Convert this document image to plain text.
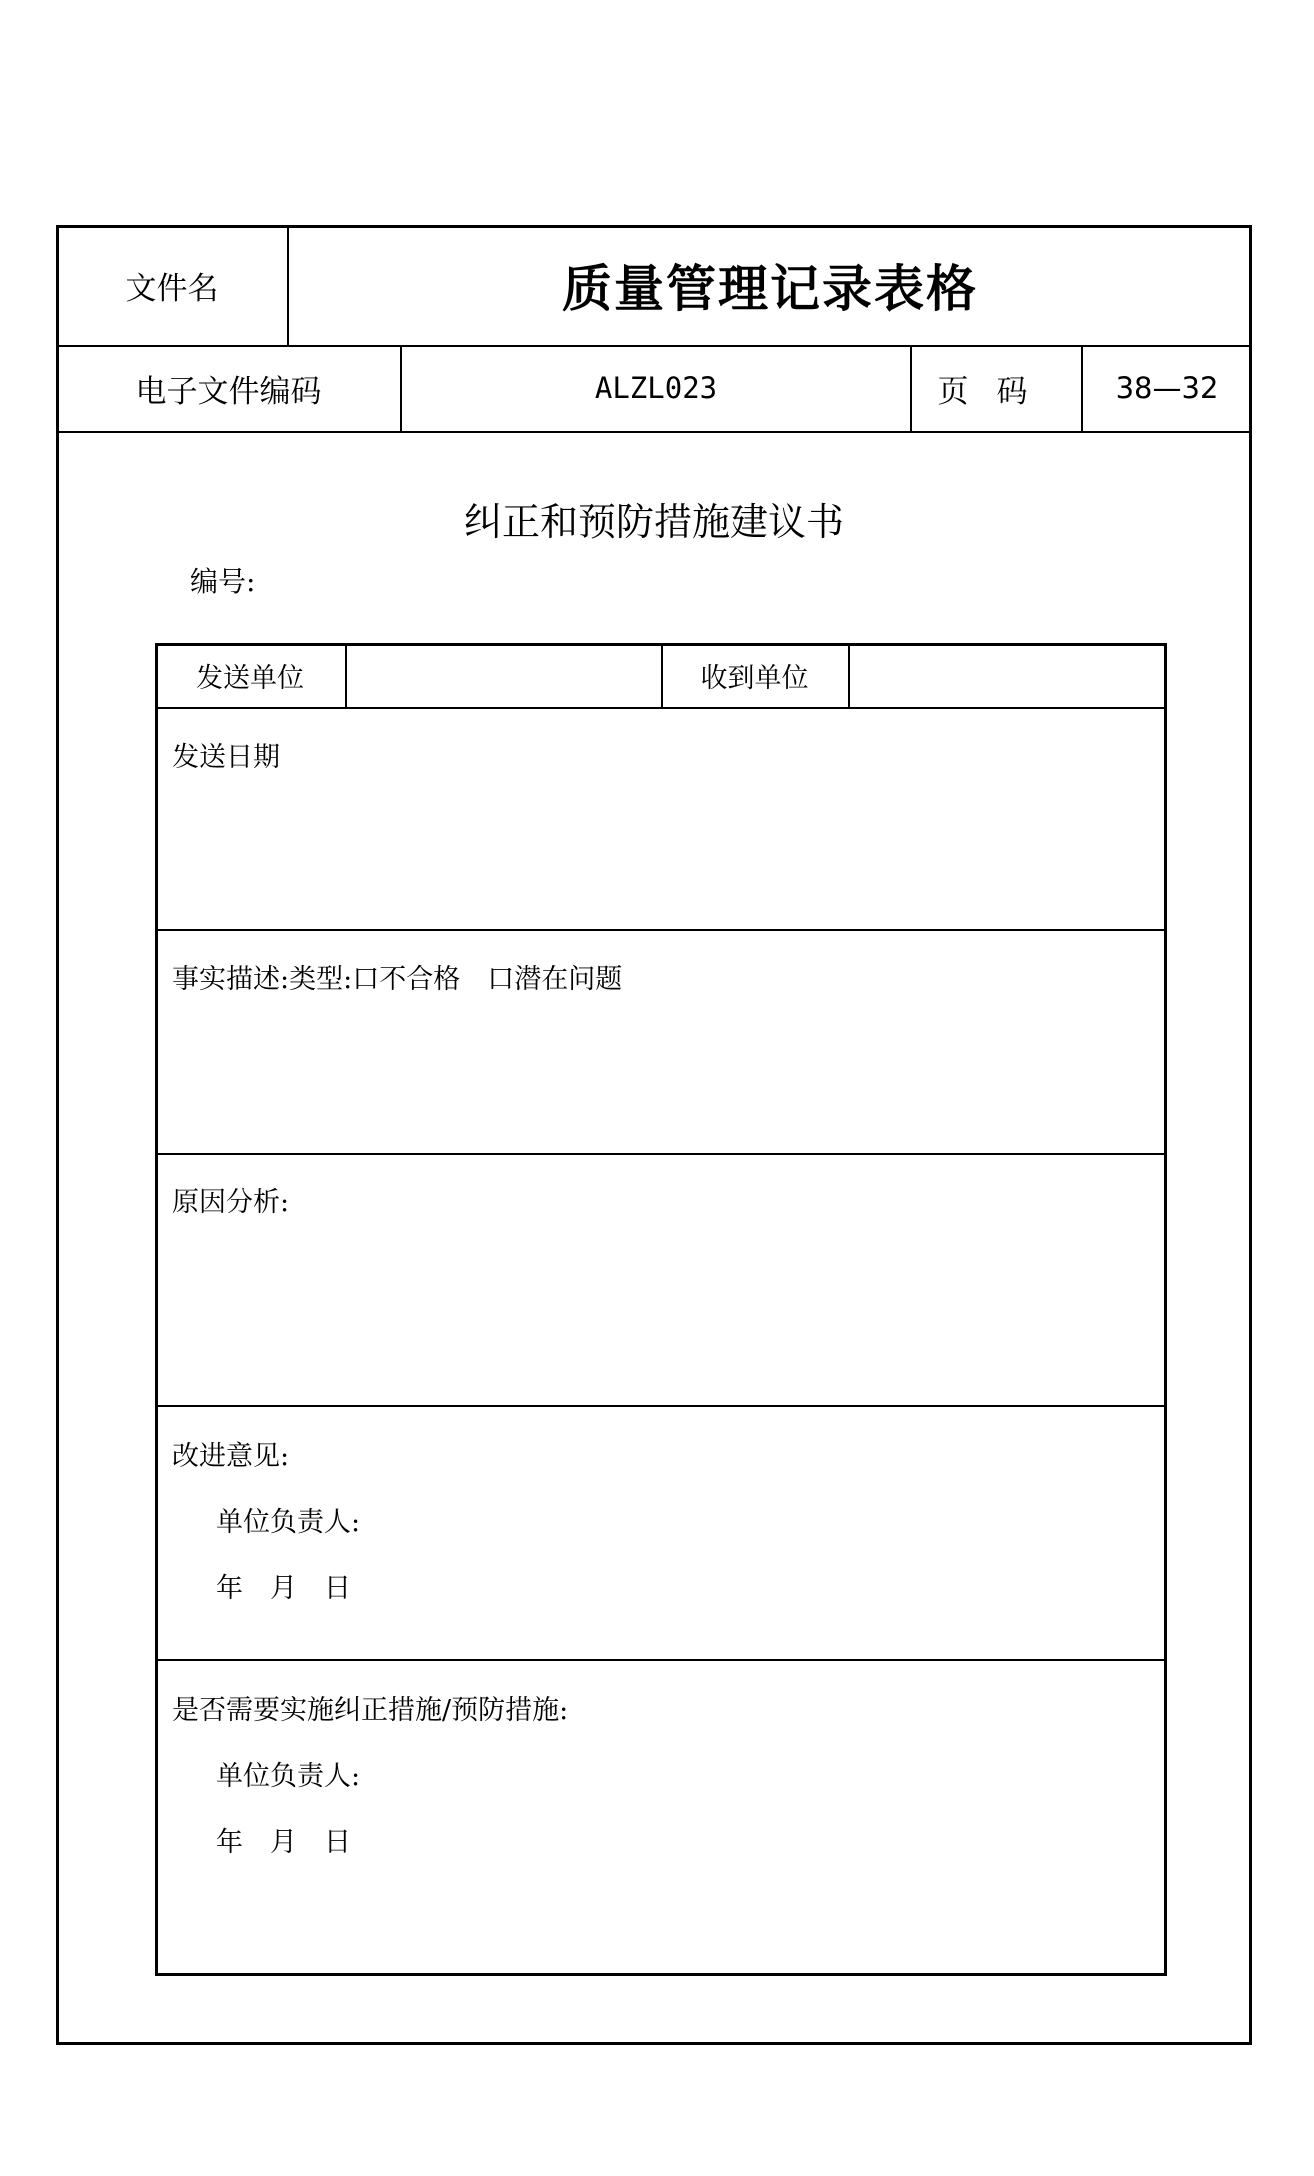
文件名	质量管理记录表格
电子文件编码	ALZL023	页码	38—32
纠正和预防措施建议书
编号:
发送单位	收到单位
发送日期
事实描述:类型:口不合格　口潜在问题
原因分析:
改进意见:
单位负责人:
年　月　日
是否需要实施纠正措施/预防措施:
单位负责人:
年　月　日
